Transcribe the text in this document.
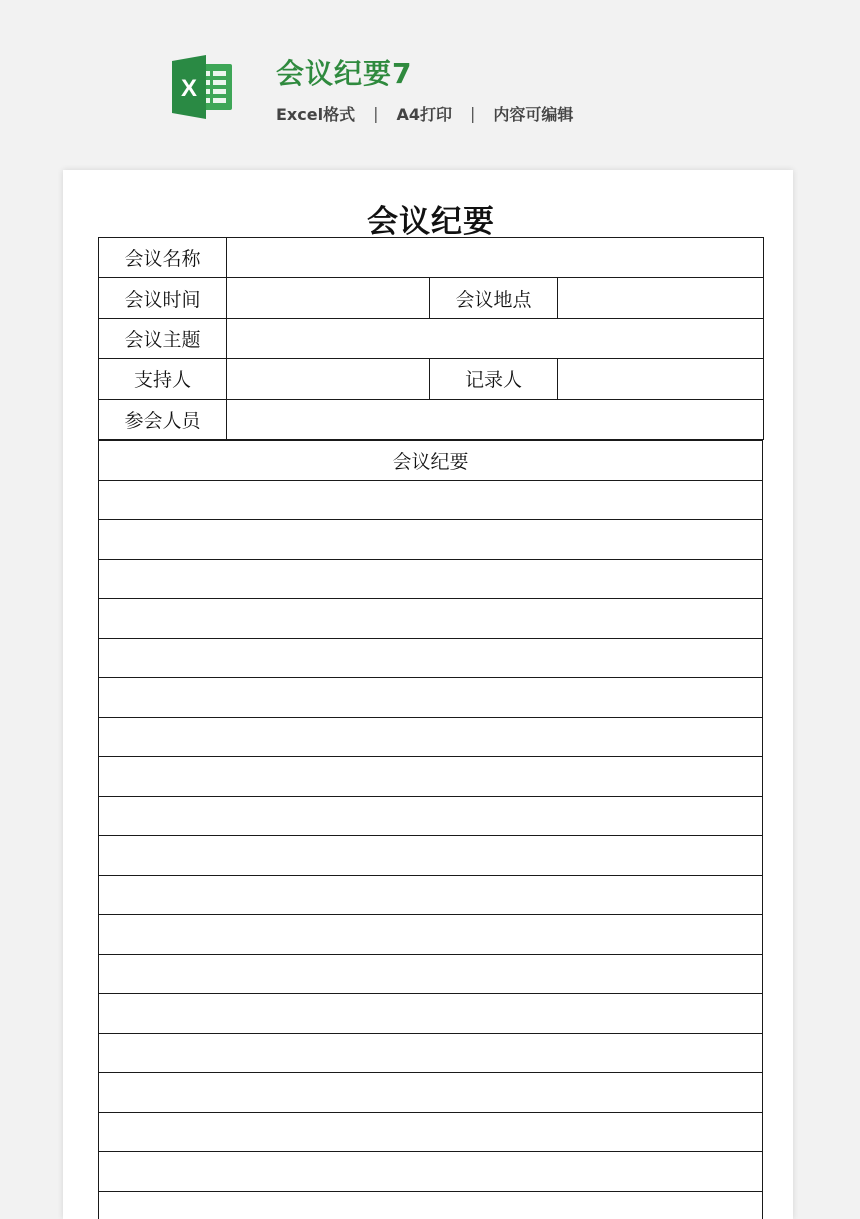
X	会议纪要7
Excel格式 | A4打印 | 内容可编辑
会议纪要
会议名称			
会议时间		会议地点	
会议主题			
支持人		记录人	
参会人员			
会议纪要
